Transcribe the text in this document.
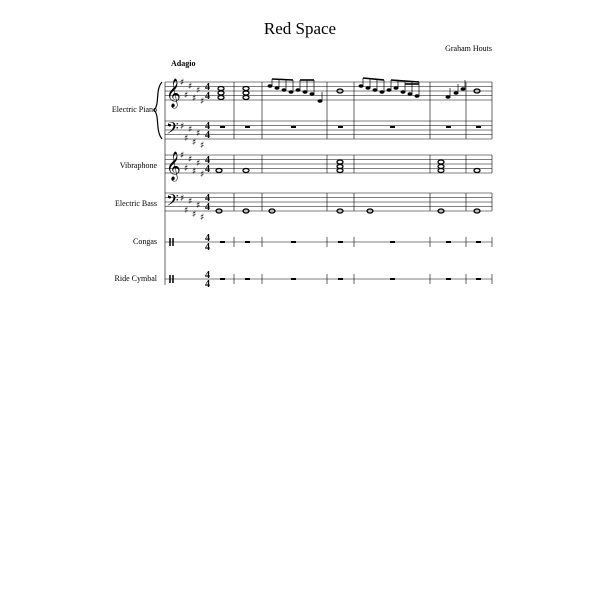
Red Space
Graham Houts
Adagio
Electric Piano
Vibraphone
Electric Bass
Congas
Ride Cymbal
𝄞
𝄢
𝄞
𝄢
♯
♯
♯
♯
♯
♯
♯
♯
♯
♯
♯
♯
♯
♯
♯
♯
♯
♯
♯
♯
♯
♯
♯
♯
4
4
4
4
4
4
4
4
4
4
4
4
